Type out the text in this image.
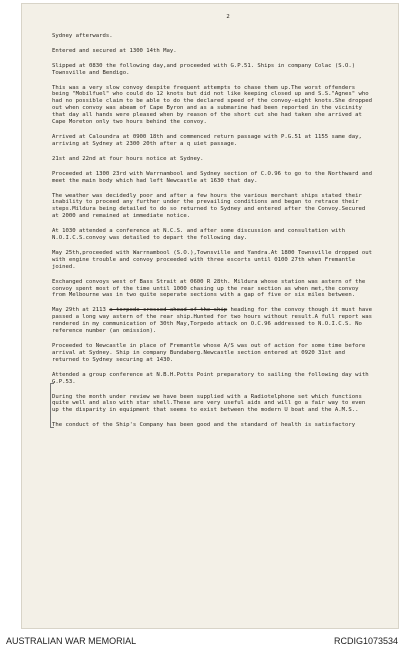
2
Sydney afterwards.
Entered and secured at 1300 14th May.
Slipped at 0830 the following day,and proceeded with G.P.51. Ships in company Colac (S.O.) Townsville and Bendigo.
This was a very slow convoy despite frequent attempts to chase them up.The worst offenders being "Mobilfuel" who could do 12 knots but did not like keeping closed up and S.S."Agnes" who had no possible claim to be able to do the declared speed of the convoy-eight knots.She dropped out when convoy was abeam of Cape Byron and as a submarine had been reported in the vicinity that day all hands were pleased when by reason of the short cut she had taken she arrived at Cape Moreton only two hours behind the convoy.
Arrived at Caloundra at 0900 18th and commenced return passage with P.G.51 at 1155 same day, arriving at Sydney at 2300 20th after a q uiet passage.
21st and 22nd at four hours notice at Sydney.
Proceeded at 1300 23rd with Warrnambool and Sydney section of C.O.96 to go to the Northward and meet the main body which had left Newcastle at 1630 that day.
The weather was decidedly poor and after a few hours the various merchant ships stated their inability to proceed any further under the prevailing conditions and began to retrace their steps.Mildura being detailed to do so returned to Sydney and entered after the Convoy.Secured at 2000 and remained at immediate notice.
At 1030 attended a conference at N.C.S. and after some discussion and consultation with N.O.I.C.S.convoy was detailed to depart the following day.
May 25th,proceeded with Warrnambool (S.O.),Townsville and Yandra.At 1800 Townsville dropped out with engine trouble and convoy proceeded with three escorts until 0100 27th when Fremantle joined.
Exchanged convoys west of Bass Strait at 0600 R 28th. Mildura whose station was astern of the convoy spent most of the time until 1000 chasing up the rear section as when met,the convoy from Melbourne was in two quite seperate sections with a gap of five or six miles between.
May 29th at 2113 a torpedo crossed ahead of the ship heading for the convoy though it must have passed a long way astern of the rear ship.Hunted for two hours without result.A full report was rendered in my communication of 30th May,Torpedo attack on O.C.96 addressed to N.O.I.C.S. No reference number (an omission).
Proceeded to Newcastle in place of Fremantle whose A/S was out of action for some time before arrival at Sydney. Ship in company Bundaberg.Newcastle section entered at 0920 31st and returned to Sydney securing at 1430.
Attended a group conference at N.B.H.Potts Point preparatory to sailing the following day with G.P.53.
During the month under review we have been supplied with a Radiotelphone set which functions quite well and also with star shell.These are very useful aids and will go a fair way to even up the disparity in equipment that seems to exist between the modern U boat and the A.M.S..
The conduct of the Ship's Company has been good and the standard of health is satisfactory
AUSTRALIAN WAR MEMORIAL	RCDIG1073534
